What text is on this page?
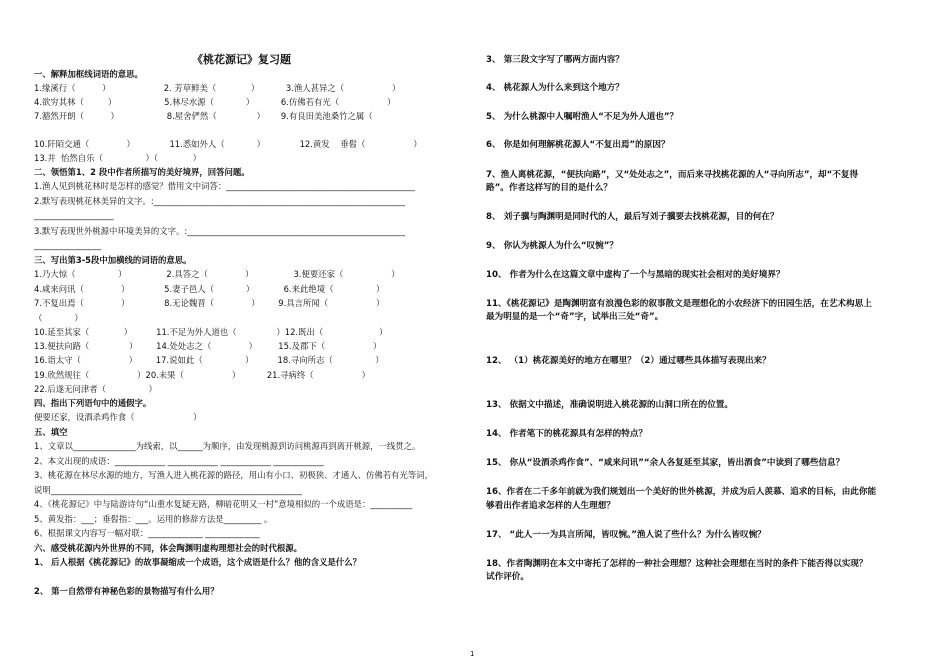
《桃花源记》复习题
一、解释加框线词语的意思。
1.缘溪行（          ）                    2. 芳草鲜美（             ）          3.渔人甚异之（                  ）
4.欲穷其林（         ）                  5.林尽水源（            ）          6.仿佛若有光（                  ）
7.豁然开朗（          ）                  8.屋舍俨然（               ）      9.有良田美池桑竹之属（
10.阡陌交通（              ）             11.悉如外人（            ）             12.黄发    垂髫（                  ）
13.并  怡然自乐（                ）（             ）
二、领悟第1、2 段中作者所描写的美好境界，回答问题。
1.渔人见到桃花林时是怎样的感觉？借用文中词答：_____________________________________________
2.默写表现桃花林美异的文字。:____________________________________________________________
___________________
3.默写表现世外桃源中环境美异的文字。:____________________________________________________
________________
三、写出第3-5段中加横线的词语的意思。
1.乃大惊（                ）               2.具答之（              ）               3.便要还家（                  ）
4.咸来问讯（              ）             5.妻子邑人（            ）           6.来此绝境（                ）
7.不复出焉（              ）             8.无论魏晋（              ）       9.具言所闻（                  ）
（            ）
10.延至其家（             ）         11.不足为外人道也（               ）12.既出（                     ）
13.便扶向路（               ）       14.处处志之（              ）        15.及郡下（                  ）
16.诣太守（                  ）       17.说如此（                ）         18.寻向所志（                ）
19.欣然规往（                  ）20.未果（                  ）          21.寻病终（                  ）
22.后遂无问津者（                ）
四、指出下列语句中的通假字。
便要还家，设酒杀鸡作食（                      ）
五、填空
1、文章以_______________为线索，以______为顺序，由发现桃源到访问桃源再到离开桃源，一线贯之。
2、本文出现的成语：____________ ____________ ____________ ____________
3、桃花源在林尽水源的地方，写渔人进入桃花源的路径，用山有小口、初极狭、才通人、仿佛若有光等词，
说明____________________________________________________________
4、《桃花源记》中与陆游诗句“山重水复疑无路，柳暗花明又一村”意境相似的一个成语是：__________
5、黄发指：___；垂髫指：___。运用的修辞方法是_________ 。
6、根据课文内容写一幅对联：_____________ _____________
六、感受桃花源内外世界的不同，体会陶渊明虚构理想社会的时代根源。
1、 后人根据《桃花源记》的故事凝缩成一个成语，这个成语是什么？他的含义是什么？
2、 第一自然带有神秘色彩的景物描写有什么用？
3、 第三段文字写了哪两方面内容？
4、 桃花源人为什么来到这个地方？
5、 为什么桃源中人嘱咐渔人“不足为外人道也”？
6、 你是如何理解桃花源人“不复出焉”的原因？
7、渔人离桃花源，“便扶向路”，又“处处志之”，而后来寻找桃花源的人“寻向所志”，却“不复得
路”。作者这样写的目的是什么？
8、 刘子骥与陶渊明是同时代的人，最后写刘子骥要去找桃花源，目的何在？
9、 你认为桃源人为什么“叹惋”？
10、 作者为什么在这篇文章中虚构了一个与黑暗的现实社会相对的美好境界？
11、《桃花源记》是陶渊明富有浪漫色彩的叙事散文是理想化的小农经济下的田园生活，在艺术构思上
最为明显的是一个“奇”字，试举出三处“奇”。
12、 （1）桃花源美好的地方在哪里？（2）通过哪些具体描写表现出来？
13、 依据文中描述，准确说明进入桃花源的山洞口所在的位置。
14、 作者笔下的桃花源具有怎样的特点？
15、 你从“设酒杀鸡作食”、“咸来问讯”“余人各复延至其家，皆出酒食”中读到了哪些信息？
16、作者在二千多年前就为我们规划出一个美好的世外桃源，并成为后人羡慕、追求的目标，由此你能
够看出作者追求怎样的人生理想？
17、 “此人一一为具言所闻，皆叹惋。”渔人说了些什么？为什么皆叹惋？
18、作者陶渊明在本文中寄托了怎样的一种社会理想？这种社会理想在当时的条件下能否得以实现？
试作评价。
1
